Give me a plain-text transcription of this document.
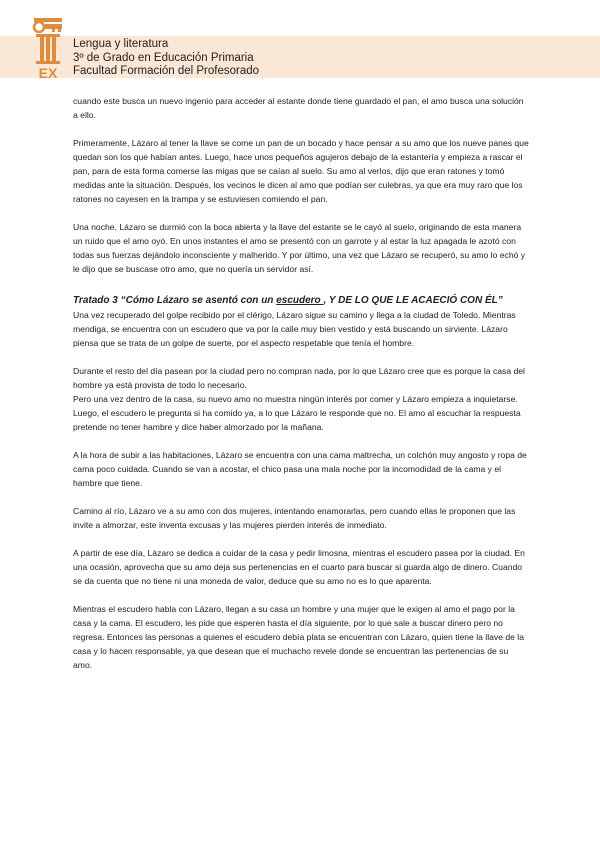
EX
Lengua y literatura
3º de Grado en Educación Primaria
Facultad Formación del Profesorado

cuando este busca un nuevo ingenio para acceder al estante donde tiene guardado el pan, el amo busca una solución a ello.

Primeramente, Lázaro al tener la llave se come un pan de un bocado y hace pensar a su amo que los nueve panes que quedan son los que habían antes. Luego, hace unos pequeños agujeros debajo de la estantería y empieza a rascar el pan, para de esta forma comerse las migas que se caían al suelo. Su amo al verlos, dijo que eran ratones y tomó medidas ante la situación. Después, los vecinos le dicen al amo que podían ser culebras, ya que era muy raro que los ratones no cayesen en la trampa y se estuviesen comiendo el pan.

Una noche, Lázaro se durmió con la boca abierta y la llave del estante se le cayó al suelo, originando de esta manera un ruido que el amo oyó. En unos instantes el amo se presentó con un garrote y al estar la luz apagada le azotó con todas sus fuerzas dejándolo inconsciente y malherido. Y por último, una vez que Lázaro se recuperó, su amo lo echó y le dijo que se buscase otro amo, que no quería un servidor así.

Tratado 3 “Cómo Lázaro se asentó con un escudero , Y DE LO QUE LE ACAECIÓ CON ÉL”

Una vez recuperado del golpe recibido por el clérigo, Lázaro sigue su camino y llega a la ciudad de Toledo. Mientras mendiga, se encuentra con un escudero que va por la calle muy bien vestido y está buscando un sirviente. Lázaro piensa que se trata de un golpe de suerte, por el aspecto respetable que tenía el hombre.

Durante el resto del día pasean por la ciudad pero no compran nada, por lo que Lázaro cree que es porque la casa del hombre ya está provista de todo lo necesario.

Pero una vez dentro de la casa, su nuevo amo no muestra ningún interés por comer y Lázaro empieza a inquietarse. Luego, el escudero le pregunta si ha comido ya, a lo que Lázaro le responde que no. El amo al escuchar la respuesta pretende no tener hambre y dice haber almorzado por la mañana.

A la hora de subir a las habitaciones, Lázaro se encuentra con una cama maltrecha, un colchón muy angosto y ropa de cama poco cuidada. Cuando se van a acostar, el chico pasa una mala noche por la incomodidad de la cama y el hambre que tiene.

Camino al río, Lázaro ve a su amo con dos mujeres, intentando enamorarlas, pero cuando ellas le proponen que las invite a almorzar, este inventa excusas y las mujeres pierden interés de inmediato.

A partir de ese día, Lázaro se dedica a cuidar de la casa y pedir limosna, mientras el escudero pasea por la ciudad. En una ocasión, aprovecha que su amo deja sus pertenencias en el cuarto para buscar si guarda algo de dinero. Cuando se da cuenta que no tiene ni una moneda de valor, deduce que su amo no es lo que aparenta.

Mientras el escudero habla con Lázaro, llegan a su casa un hombre y una mujer que le exigen al amo el pago por la casa y la cama. El escudero, les pide que esperen hasta el día siguiente, por lo que sale a buscar dinero pero no regresa. Entonces las personas a quienes el escudero debía plata se encuentran con Lázaro, quien tiene la llave de la casa y lo hacen responsable, ya que desean que el muchacho revele donde se encuentran las pertenencias de su amo.
